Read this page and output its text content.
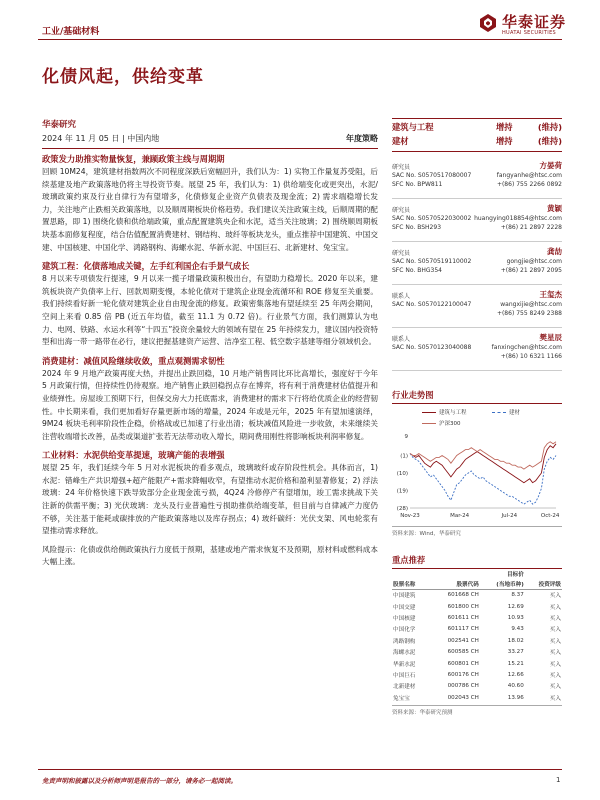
工业/基础材料
华泰证券
HUATAI SECURITIES
化债风起，供给变革
华泰研究
2024 年 11 月 05 日 | 中国内地	年度策略
政策发力助推实物量恢复，兼顾政策主线与周期期
回顾 10M24，建筑建材指数两次不同程度深跌后宽幅回升，我们认为：1) 实物工作量复苏受阻，后续基建及地产政策落地仍将主导投资节奏。展望 25 年，我们认为：1) 供给端变化或更突出，水泥/玻璃政策约束及行业自律行为有望增多，化债修复企业资产负债表及现金流；2) 需求端稳增长发力，关注地产止跌相关政策落地，以及顺周期板块价格趋势。我们建议关注政策主线，后顺周期的配置思路，即 1) 围绕化债和供给端政策，重点配置建筑央企和水泥，适当关注玻璃；2) 围绕顺周期板块基本面修复程度，结合估值配置消费建材、钢结构、玻纤等板块龙头，重点推荐中国建筑、中国交建、中国核建、中国化学、鸿路钢构、海螺水泥、华新水泥、中国巨石、北新建材、兔宝宝。
建筑工程：化债落地成关键，左手红利国企右手景气成长
8 月以来专项债发行提速，9 月以来一揽子增量政策积极出台，有望助力稳增长。2020 年以来，建筑板块资产负债率上行、回款周期变慢，本轮化债对于建筑企业现金流循环和 ROE 修复至关重要。我们持续看好新一轮化债对建筑企业自由现金流的修复。政策密集落地有望延续至 25 年两会期间，空间上来看 0.85 倍 PB (近五年均值，截至 11.1 为 0.72 倍)。行业景气方面，我们测算认为电力、电网、铁路、水运水利等“十四五”投资余量较大的领域有望在 25 年持续发力，建议国内投资特型和出海一带一路带在必行，建议把握基建资产运营、洁净室工程、低空数字基建等细分领域机会。
消费建材：减值风险继续收敛，重点观测需求韧性
2024 年 9 月地产政策再度大热，并提出止跌回稳，10 月地产销售同比环比高增长，强度好于今年 5 月政策行情，但持续性仍待观察。地产销售止跌回稳拐点存在博弈，将有利于消费建材估值提升和业绩弹性。房屋竣工预期下行，但保交房大力托底需求，消费建材的需求下行将给优质企业的经营韧性。中长期来看，我们更加看好存量更新市场的增量，2024 年或是元年，2025 年有望加速演绎，9M24 板块毛利率阶段性企稳，价格战或已加速了行业出清；板块减值风险进一步收敛，未来继续关注营收端增长改善，品类或渠道扩张若无法带动收入增长，期间费用刚性将影响板块利润率修复。
工业材料：水泥供给变革提速，玻璃产能的表增强
展望 25 年，我们延续今年 5 月对水泥板块的看多观点，玻璃玻纤或存阶段性机会。具体而言，1) 水泥：错峰生产共识增强+超产能限产+需求降幅收窄，有望推动水泥价格和盈利显著修复；2) 浮法玻璃：24 年价格快速下跌导致部分企业现金流亏损，4Q24 冷修停产有望增加，竣工需求挑战下关注新的供需平衡；3) 光伏玻璃：龙头及行业普遍性亏损助推供给端变革，但目前与自律减产力度仍不够，关注基于能耗或碳排放的产能政策落地以及库存拐点；4) 玻纤碳纤：光伏支架、风电轮浆有望推动需求释放。
风险提示：化债或供给侧政策执行力度低于预期，基建或地产需求恢复不及预期，原材料或燃料成本大幅上涨。
建筑与工程	增持	(维持)
建材	增持	(维持)
研究员	方晏荷
SAC No. S0570517080007	fangyanhe@htsc.com
SFC No. BPW811	+(86) 755 2266 0892
研究员	黄颖
SAC No. S0570522030002 huangying018854@htsc.com
SFC No. BSH293	+(86) 21 2897 2228
研究员	龚劼
SAC No. S0570519110002	gongjie@htsc.com
SFC No. BHG354	+(86) 21 2897 2095
联系人	王玺杰
SAC No. S0570122100047	wangxijie@htsc.com
+(86) 755 8249 2388
联系人	樊星辰
SAC No. S0570123040088	fanxingchen@htsc.com
+(86) 10 6321 1166
行业走势图
建筑与工程	建材
沪深300
9
(1)
(10)
(19)
(28)
Nov-23	Mar-24	Jul-24	Oct-24
资料来源：Wind，华泰研究
重点推荐
		目标价	
股票名称	股票代码	(当地币种)	投资评级
中国建筑	601668 CH	8.37	买入
中国交建	601800 CH	12.69	买入
中国核建	601611 CH	10.93	买入
中国化学	601117 CH	9.43	买入
鸿路钢构	002541 CH	18.02	买入
海螺水泥	600585 CH	33.27	买入
华新水泥	600801 CH	15.21	买入
中国巨石	600176 CH	12.66	买入
北新建材	000786 CH	40.60	买入
兔宝宝	002043 CH	13.96	买入
资料来源：华泰研究预测
免责声明和披露以及分析师声明是报告的一部分，请务必一起阅读。	1
